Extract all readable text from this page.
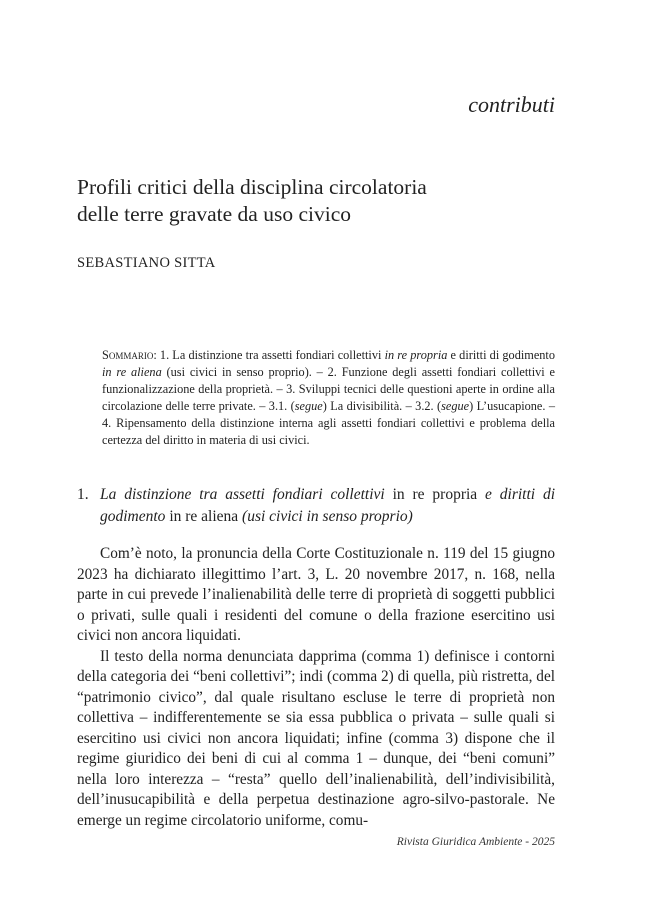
contributi
Profili critici della disciplina circolatoria
delle terre gravate da uso civico
SEBASTIANO SITTA
Sommario: 1. La distinzione tra assetti fondiari collettivi in re propria e diritti di godimento in re aliena (usi civici in senso proprio). – 2. Funzione degli assetti fondiari collettivi e funzionalizzazione della proprietà. – 3. Sviluppi tecnici delle questioni aperte in ordine alla circolazione delle terre private. – 3.1. (segue) La divisibilità. – 3.2. (segue) L’usucapione. – 4. Ripensamento della distinzione interna agli assetti fondiari collettivi e problema della certezza del diritto in materia di usi civici.
1. La distinzione tra assetti fondiari collettivi in re propria e diritti di godimento in re aliena (usi civici in senso proprio)

Com’è noto, la pronuncia della Corte Costituzionale n. 119 del 15 giugno 2023 ha dichiarato illegittimo l’art. 3, L. 20 novembre 2017, n. 168, nella parte in cui prevede l’inalienabilità delle terre di proprietà di soggetti pubblici o privati, sulle quali i residenti del comune o della frazione esercitino usi civici non ancora liquidati.

Il testo della norma denunciata dapprima (comma 1) definisce i contorni della categoria dei “beni collettivi”; indi (comma 2) di quella, più ristretta, del “patrimonio civico”, dal quale risultano escluse le terre di proprietà non collettiva – indifferentemente se sia essa pubblica o privata – sulle quali si esercitino usi civici non ancora liquidati; infine (comma 3) dispone che il regime giuridico dei beni di cui al comma 1 – dunque, dei “beni comuni” nella loro interezza – “resta” quello dell’inalienabilità, dell’indivisibilità, dell’inusucapibilità e della perpetua destinazione agro-silvo-pastorale. Ne emerge un regime circolatorio uniforme, comu-

Rivista Giuridica Ambiente - 2025
